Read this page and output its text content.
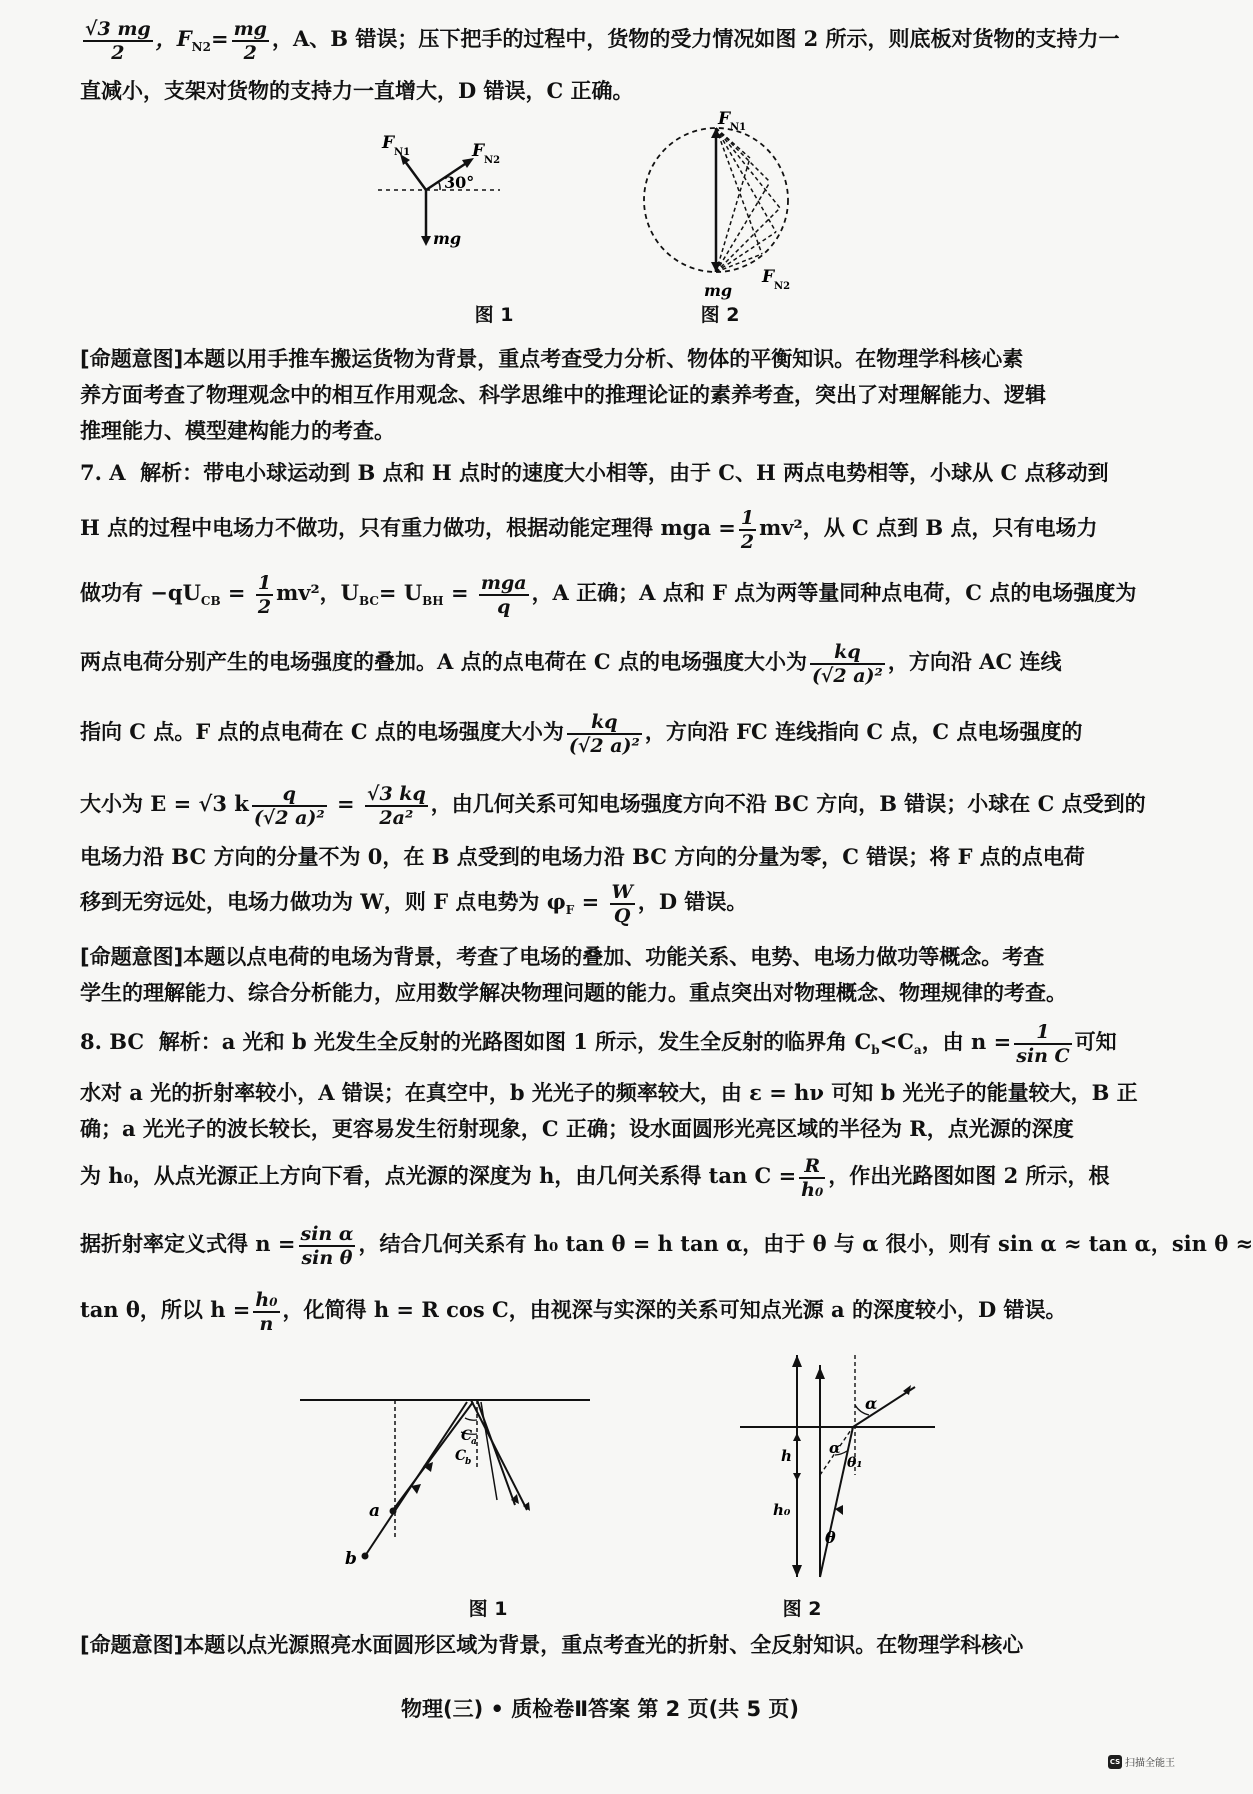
$\frac{√3 mg}{2}$ ，$F_{N2}= \frac{mg}{2}$ ，A、B 错误；压下把手的过程中，货物的受力情况如图 2 所示，则底板对货物的支持力一
直减小，支架对货物的支持力一直增大，D 错误，C 正确。
F N1	F N2
30°
mg
图 1
F N1
F N2
mg
图 2
[命题意图]本题以用手推车搬运货物为背景，重点考查受力分析、物体的平衡知识。在物理学科核心素
养方面考查了物理观念中的相互作用观念、科学思维中的推理论证的素养考查，突出了对理解能力、逻辑
推理能力、模型建构能力的考查。
7. A 解析：带电小球运动到 B 点和 H 点时的速度大小相等，由于 C、H 两点电势相等，小球从 C 点移动到
H 点的过程中电场力不做功，只有重力做功，根据动能定理得 mga = $\frac{1}{2} mv^2$，从 C 点到 B 点，只有电场力
做功有 $-qU_{CB} = \frac{1}{2} mv^2$，$U_{BC}= U_{BH} = \frac{\text{mga}}{q}$ ，A 正确；A 点和 F 点为两等量同种点电荷，C 点的电场强度为
两点电荷分别产生的电场强度的叠加。A 点的点电荷在 C 点的电场强度大小为 $\frac{kq}{\text{(√2 a)²}}$ ，方向沿 AC 连线
指向 C 点。F 点的点电荷在 C 点的电场强度大小为 $\frac{kq}{\text{(√2 a)²}}$ ，方向沿 FC 连线指向 C 点，C 点电场强度的
大小为 E = √3 k $\frac{q}{\text{(√2 a)²}} = \frac{√3 kq}{\text{2a²}}$ ，由几何关系可知电场强度方向不沿 BC 方向，B 错误；小球在 C 点受到的
电场力沿 BC 方向的分量不为 0，在 B 点受到的电场力沿 BC 方向的分量为零，C 错误；将 F 点的点电荷
移到无穷远处，电场力做功为 W，则 F 点电势为 $\varphi_F = \frac{W}{Q}$ ，D 错误。
[命题意图]本题以点电荷的电场为背景，考查了电场的叠加、功能关系、电势、电场力做功等概念。考查
学生的理解能力、综合分析能力，应用数学解决物理问题的能力。重点突出对物理概念、物理规律的考查。
8. BC 解析：a 光和 b 光发生全反射的光路图如图 1 所示，发生全反射的临界角 $C_b<C_a$，由 $n = \frac{1}{\text{sin C}}$ 可知
水对 a 光的折射率较小，A 错误；在真空中，b 光光子的频率较大，由 ε = hν 可知 b 光光子的能量较大，B 正
确；a 光光子的波长较长，更容易发生衍射现象，C 正确；设水面圆形光亮区域的半径为 R，点光源的深度
为 h₀，从点光源正上方向下看，点光源的深度为 h，由几何关系得 $\tan C = \frac{R}{\text{h₀}}$ ，作出光路图如图 2 所示，根
据折射率定义式得 $n = \frac{\text{sin α}}{\text{sin θ}}$ ，结合几何关系有 h₀ tan θ = h tan α，由于 θ 与 α 很小，则有 sin α ≈ tan α，sin θ ≈
tan θ，所以 $h = \frac{\text{h₀}}{n}$ ，化简得 h = R cos C，由视深与实深的关系可知点光源 a 的深度较小，D 错误。
a
b
C
a
C
b
图 1
α
α
θ₁
θ
h
h₀
图 2
[命题意图]本题以点光源照亮水面圆形区域为背景，重点考查光的折射、全反射知识。在物理学科核心
物理(三) • 质检卷Ⅱ答案 第 2 页(共 5 页)
CS 扫描全能王
